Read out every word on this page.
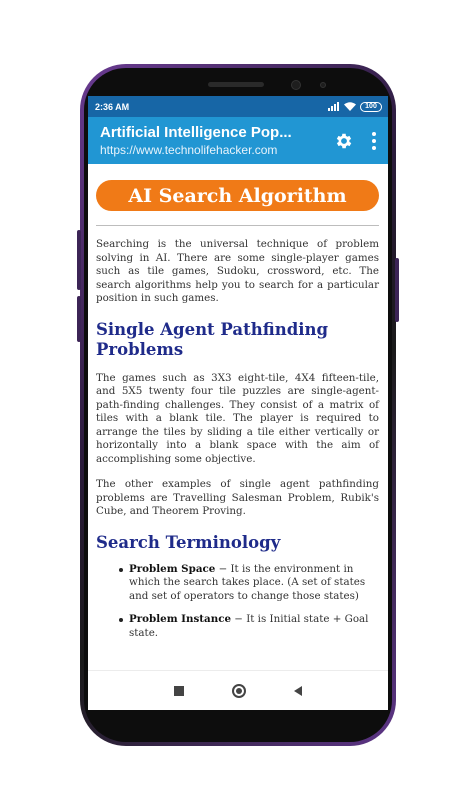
2:36 AM	100
Artificial Intelligence Pop...
https://www.technolifehacker.com
AI Search Algorithm

Searching is the universal technique of problem solving in AI. There are some single-player games such as tile games, Sudoku, crossword, etc. The search algorithms help you to search for a particular position in such games.

Single Agent Pathfinding Problems

The games such as 3X3 eight-tile, 4X4 fifteen-tile, and 5X5 twenty four tile puzzles are single-agent-path-finding challenges. They consist of a matrix of tiles with a blank tile. The player is required to arrange the tiles by sliding a tile either vertically or horizontally into a blank space with the aim of accomplishing some objective.

The other examples of single agent pathfinding problems are Travelling Salesman Problem, Rubik's Cube, and Theorem Proving.

Search Terminology
Problem Space − It is the environment in which the search takes place. (A set of states and set of operators to change those states)
Problem Instance − It is Initial state + Goal state.
